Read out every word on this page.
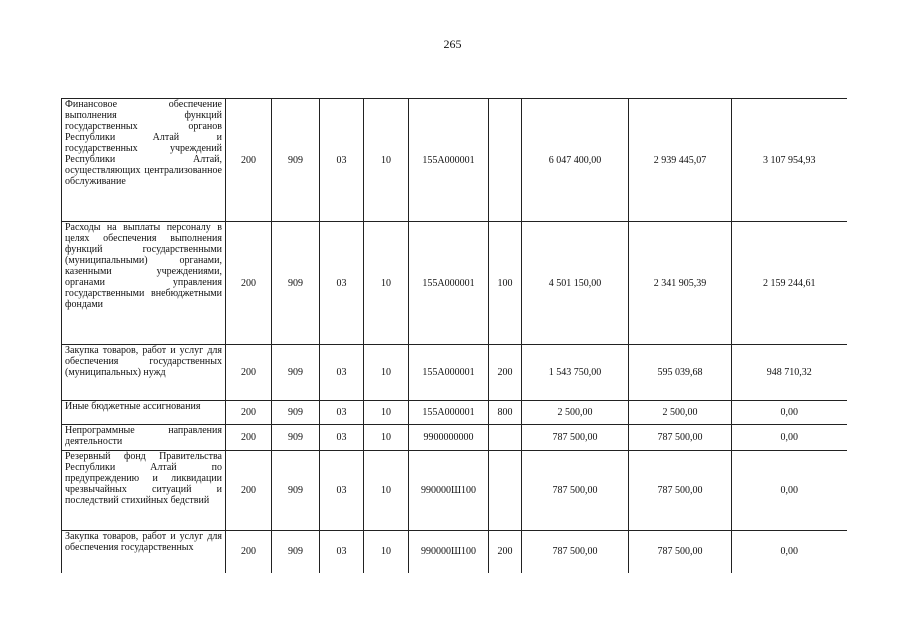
265
Финансовое обеспечение выполнения функций государственных органов Республики Алтай и государственных учреждений Республики Алтай, осуществляющих централизованное обслуживание	200	909	03	10	155А000001		6 047 400,00	2 939 445,07	3 107 954,93
Расходы на выплаты персоналу в целях обеспечения выполнения функций государственными (муниципальными) органами, казенными учреждениями, органами управления государственными внебюджетными фондами	200	909	03	10	155А000001	100	4 501 150,00	2 341 905,39	2 159 244,61
Закупка товаров, работ и услуг для обеспечения государственных (муниципальных) нужд	200	909	03	10	155А000001	200	1 543 750,00	595 039,68	948 710,32
Иные бюджетные ассигнования	200	909	03	10	155А000001	800	2 500,00	2 500,00	0,00
Непрограммные направления деятельности	200	909	03	10	9900000000		787 500,00	787 500,00	0,00
Резервный фонд Правительства Республики Алтай по предупреждению и ликвидации чрезвычайных ситуаций и последствий стихийных бедствий	200	909	03	10	990000Ш100		787 500,00	787 500,00	0,00
Закупка товаров, работ и услуг для обеспечения государственных	200	909	03	10	990000Ш100	200	787 500,00	787 500,00	0,00
